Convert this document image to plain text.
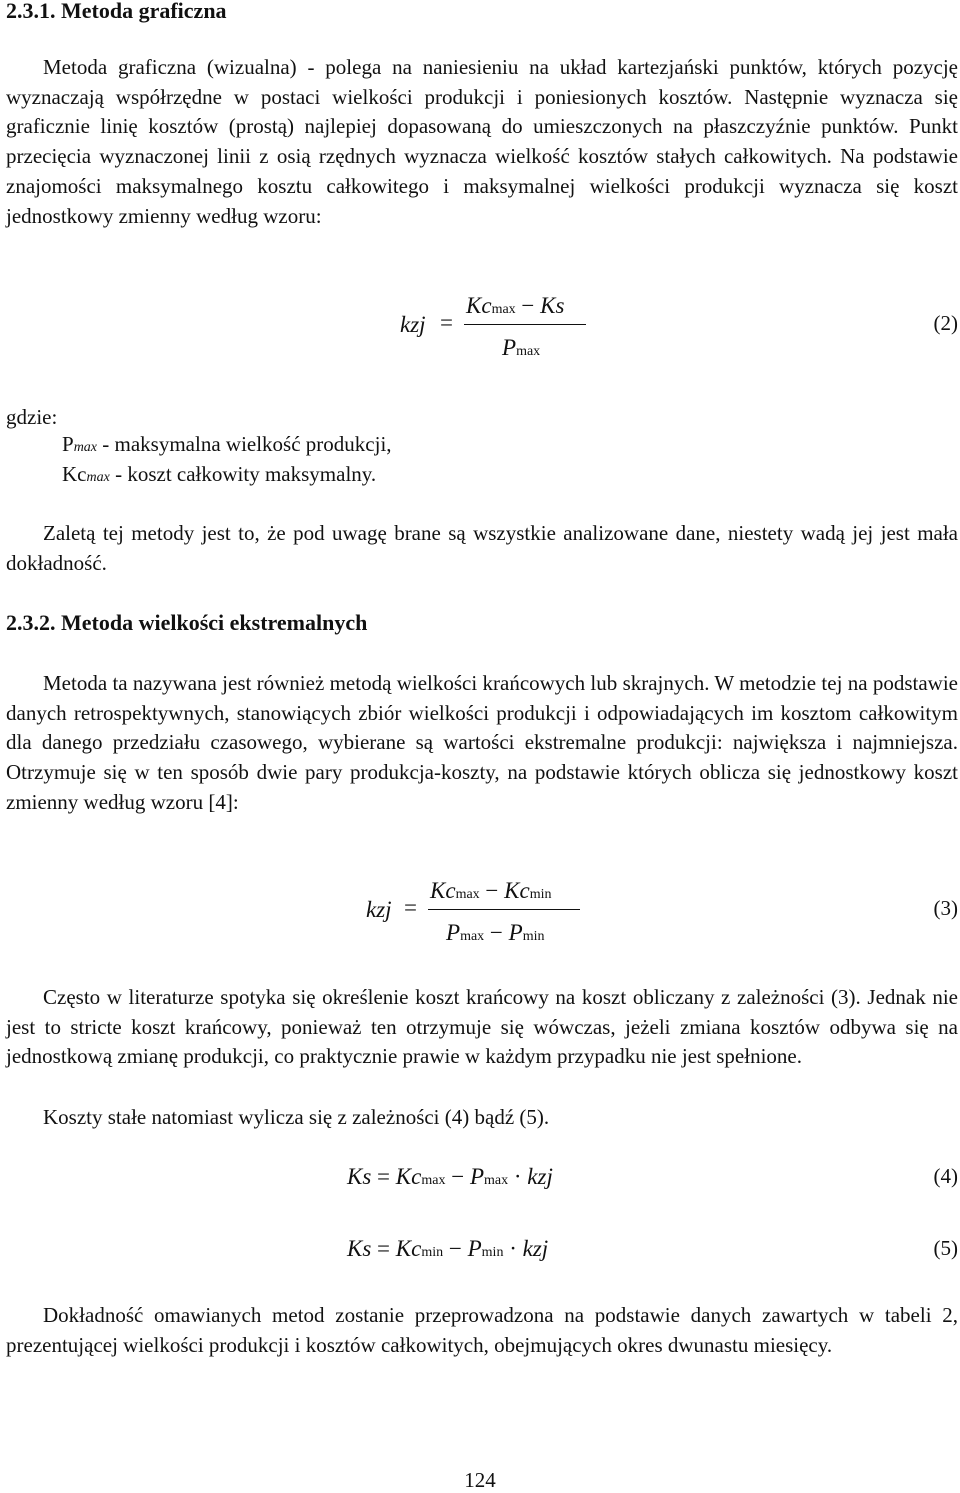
2.3.1. Metoda graficzna

Metoda graficzna (wizualna) - polega na naniesieniu na układ kartezjański punktów, których pozycję wyznaczają współrzędne w postaci wielkości produkcji i poniesionych kosztów. Następnie wyznacza się graficznie linię kosztów (prostą) najlepiej dopasowaną do umieszczonych na płaszczyźnie punktów. Punkt przecięcia wyznaczonej linii z osią rzędnych wyznacza wielkość kosztów stałych całkowitych. Na podstawie znajomości maksymalnego kosztu całkowitego i maksymalnej wielkości produkcji wyznacza się koszt jednostkowy zmienny według wzoru:

kzj =
Kcmax − Ks
Pmax
(2)

gdzie:

Pmax - maksymalna wielkość produkcji,

Kcmax - koszt całkowity maksymalny.

Zaletą tej metody jest to, że pod uwagę brane są wszystkie analizowane dane, niestety wadą jej jest mała dokładność.

2.3.2. Metoda wielkości ekstremalnych

Metoda ta nazywana jest również metodą wielkości krańcowych lub skrajnych. W metodzie tej na podstawie danych retrospektywnych, stanowiących zbiór wielkości produkcji i odpowiadających im kosztom całkowitym dla danego przedziału czasowego, wybierane są wartości ekstremalne produkcji: największa i najmniejsza. Otrzymuje się w ten sposób dwie pary produkcja-koszty, na podstawie których oblicza się jednostkowy koszt zmienny według wzoru [4]:

kzj =
Kcmax − Kcmin
Pmax − Pmin
(3)

Często w literaturze spotyka się określenie koszt krańcowy na koszt obliczany z zależności (3). Jednak nie jest to stricte koszt krańcowy, ponieważ ten otrzymuje się wówczas, jeżeli zmiana kosztów odbywa się na jednostkową zmianę produkcji, co praktycznie prawie w każdym przypadku nie jest spełnione.

Koszty stałe natomiast wylicza się z zależności (4) bądź (5).

Ks = Kcmax − Pmax · kzj	(4)
Ks = Kcmin − Pmin · kzj	(5)

Dokładność omawianych metod zostanie przeprowadzona na podstawie danych zawartych w tabeli 2, prezentującej wielkości produkcji i kosztów całkowitych, obejmujących okres dwunastu miesięcy.

124
